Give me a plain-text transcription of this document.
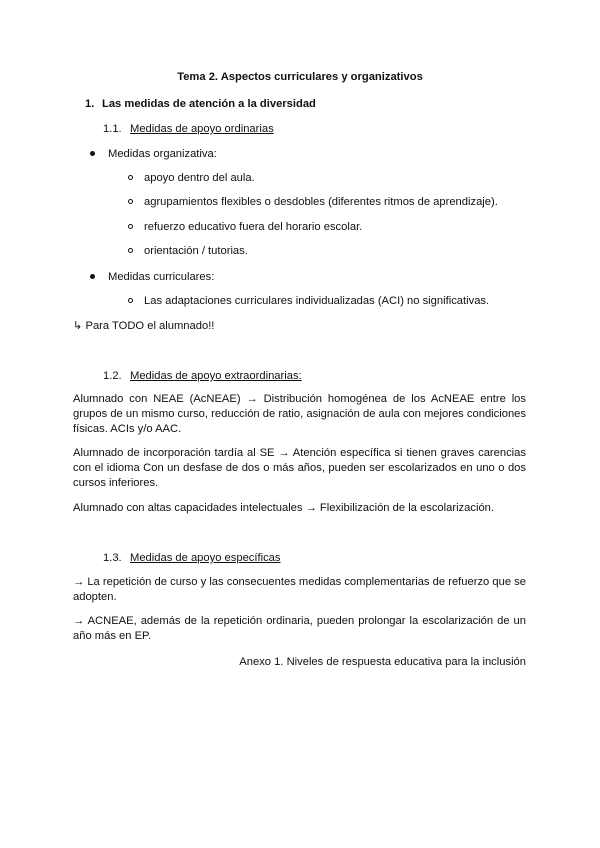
Tema 2. Aspectos curriculares y organizativos
1. Las medidas de atención a la diversidad
1.1. Medidas de apoyo ordinarias
Medidas organizativa:
apoyo dentro del aula.
agrupamientos flexibles o desdobles (diferentes ritmos de aprendizaje).
refuerzo educativo fuera del horario escolar.
orientación / tutorias.
Medidas curriculares:
Las adaptaciones curriculares individualizadas (ACI) no significativas.
↳ Para TODO el alumnado!!
1.2. Medidas de apoyo extraordinarias:
Alumnado con NEAE (AcNEAE) → Distribución homogénea de los AcNEAE entre los
grupos de un mismo curso, reducción de ratio, asignación de aula con mejores condiciones
físicas. ACIs y/o AAC.
Alumnado de incorporación tardía al SE → Atención específica si tienen graves carencias
con el idioma Con un desfase de dos o más años, pueden ser escolarizados en uno o dos
cursos inferiores.
Alumnado con altas capacidades intelectuales → Flexibilización de la escolarización.
1.3. Medidas de apoyo específicas
→ La repetición de curso y las consecuentes medidas complementarias de refuerzo que se
adopten.
→ ACNEAE, además de la repetición ordinaria, pueden prolongar la escolarización de un
año más en EP.
Anexo 1. Niveles de respuesta educativa para la inclusión
